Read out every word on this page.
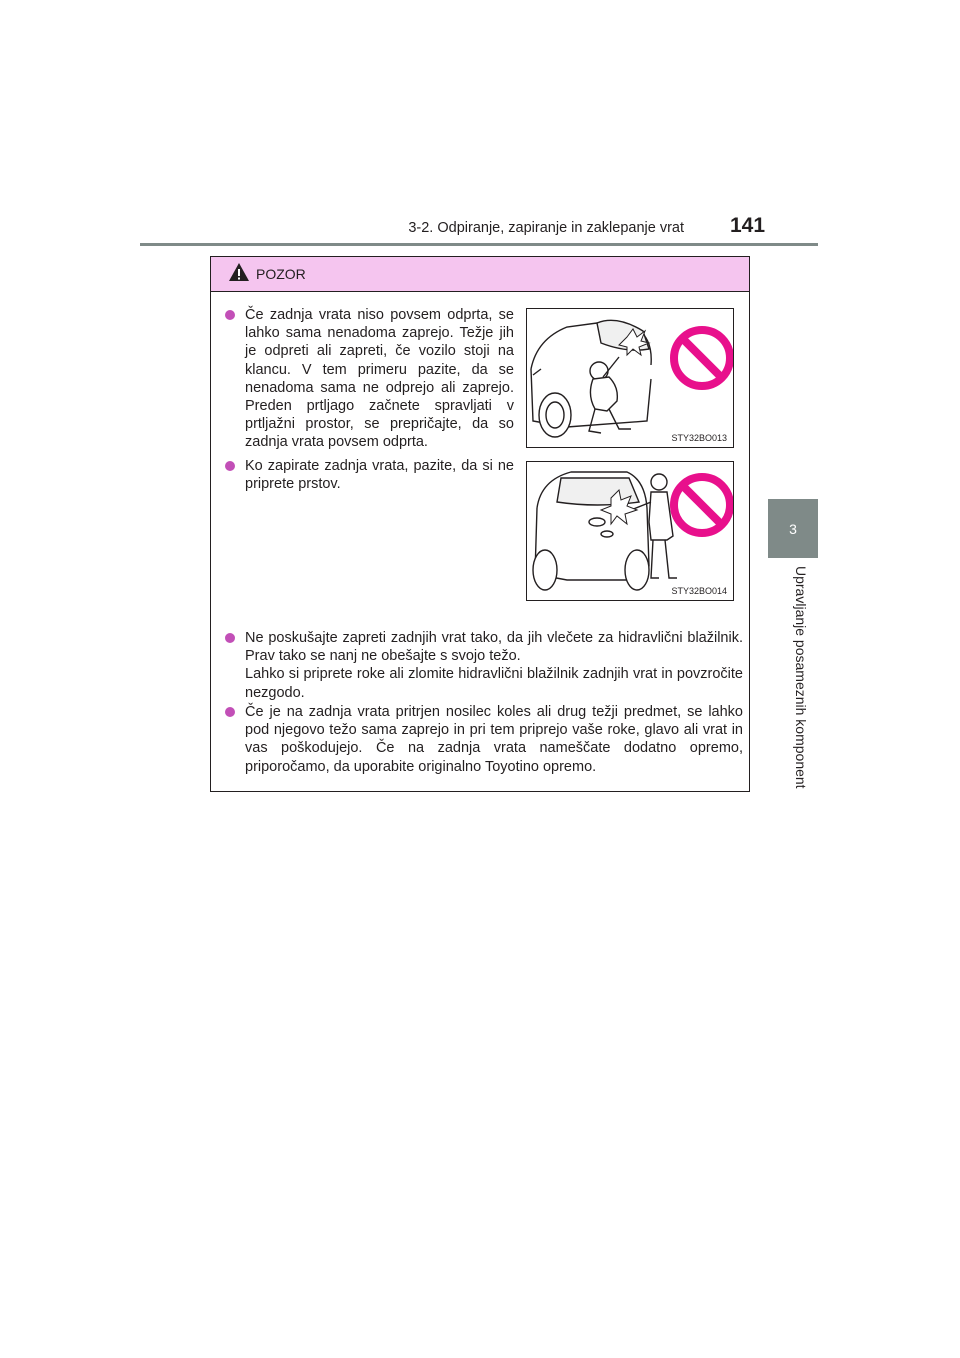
3-2. Odpiranje, zapiranje in zaklepanje vrat 141
3
Upravljanje posameznih komponent
POZOR
Če zadnja vrata niso povsem odprta, se lahko sama nenadoma zaprejo. Težje jih je odpreti ali zapreti, če vozilo stoji na klancu. V tem primeru pazite, da se nenadoma sama ne odprejo ali zaprejo. Preden prtljago začnete spravljati v prtljažni prostor, se prepričajte, da so zadnja vrata povsem odprta.
Ko zapirate zadnja vrata, pazite, da si ne priprete prstov.
Ne poskušajte zapreti zadnjih vrat tako, da jih vlečete za hidravlični blažilnik. Prav tako se nanj ne obešajte s svojo težo.
Lahko si priprete roke ali zlomite hidravlični blažilnik zadnjih vrat in povzročite nezgodo.
Če je na zadnja vrata pritrjen nosilec koles ali drug težji predmet, se lahko pod njegovo težo sama zaprejo in pri tem priprejo vaše roke, glavo ali vrat in vas poškodujejo. Če na zadnja vrata nameščate dodatno opremo, priporočamo, da uporabite originalno Toyotino opremo.
STY32BO013
STY32BO014
